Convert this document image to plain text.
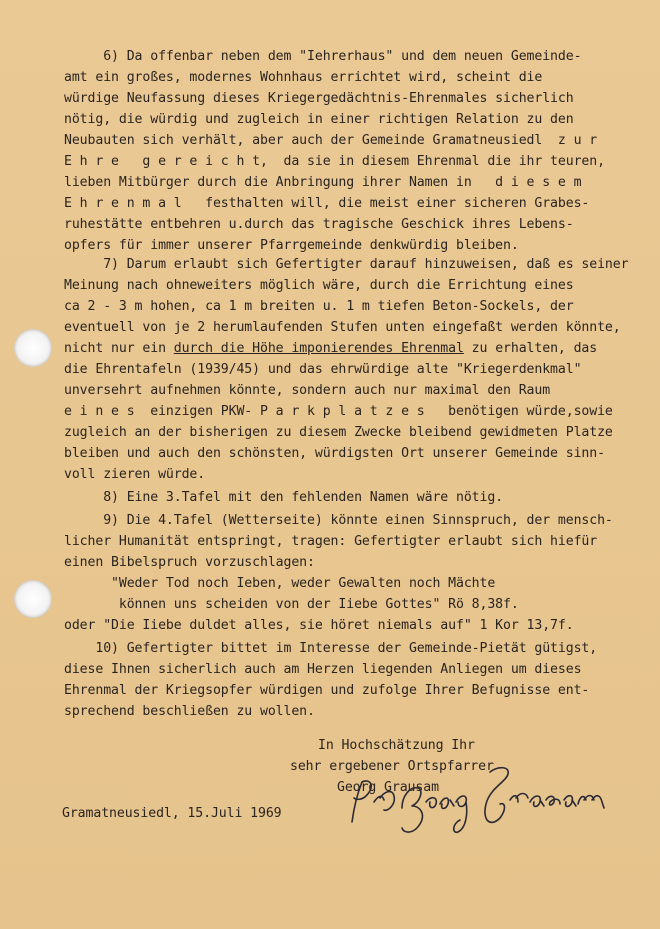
6) Da offenbar neben dem "Iehrerhaus" und dem neuen Gemeinde-
amt ein großes, modernes Wohnhaus errichtet wird, scheint die
würdige Neufassung dieses Kriegergedächtnis-Ehrenmales sicherlich
nötig, die würdig und zugleich in einer richtigen Relation zu den
Neubauten sich verhält, aber auch der Gemeinde Gramatneusiedl  z u r
E h r e   g e r e i c h t,  da sie in diesem Ehrenmal die ihr teuren,
lieben Mitbürger durch die Anbringung ihrer Namen in   d i e s e m
E h r e n m a l   festhalten will, die meist einer sicheren Grabes-
ruhestätte entbehren u.durch das tragische Geschick ihres Lebens-
opfers für immer unserer Pfarrgemeinde denkwürdig bleiben.
7) Darum erlaubt sich Gefertigter darauf hinzuweisen, daß es seiner
Meinung nach ohneweiters möglich wäre, durch die Errichtung eines
ca 2 - 3 m hohen, ca 1 m breiten u. 1 m tiefen Beton-Sockels, der
eventuell von je 2 herumlaufenden Stufen unten eingefaßt werden könnte,
nicht nur ein durch die Höhe imponierendes Ehrenmal zu erhalten, das
die Ehrentafeln (1939/45) und das ehrwürdige alte "Kriegerdenkmal"
unversehrt aufnehmen könnte, sondern auch nur maximal den Raum
e i n e s  einzigen PKW- P a r k p l a t z e s   benötigen würde,sowie
zugleich an der bisherigen zu diesem Zwecke bleibend gewidmeten Platze
bleiben und auch den schönsten, würdigsten Ort unserer Gemeinde sinn-
voll zieren würde.
8) Eine 3.Tafel mit den fehlenden Namen wäre nötig.
9) Die 4.Tafel (Wetterseite) könnte einen Sinnspruch, der mensch-
licher Humanität entspringt, tragen: Gefertigter erlaubt sich hiefür
einen Bibelspruch vorzuschlagen:
"Weder Tod noch Ieben, weder Gewalten noch Mächte
können uns scheiden von der Iiebe Gottes" Rö 8,38f.
oder "Die Iiebe duldet alles, sie höret niemals auf" 1 Kor 13,7f.
10) Gefertigter bittet im Interesse der Gemeinde-Pietät gütigst,
diese Ihnen sicherlich auch am Herzen liegenden Anliegen um dieses
Ehrenmal der Kriegsopfer würdigen und zufolge Ihrer Befugnisse ent-
sprechend beschließen zu wollen.
In Hochschätzung Ihr
sehr ergebener Ortspfarrer
Georg Grausam
Gramatneusiedl, 15.Juli 1969
